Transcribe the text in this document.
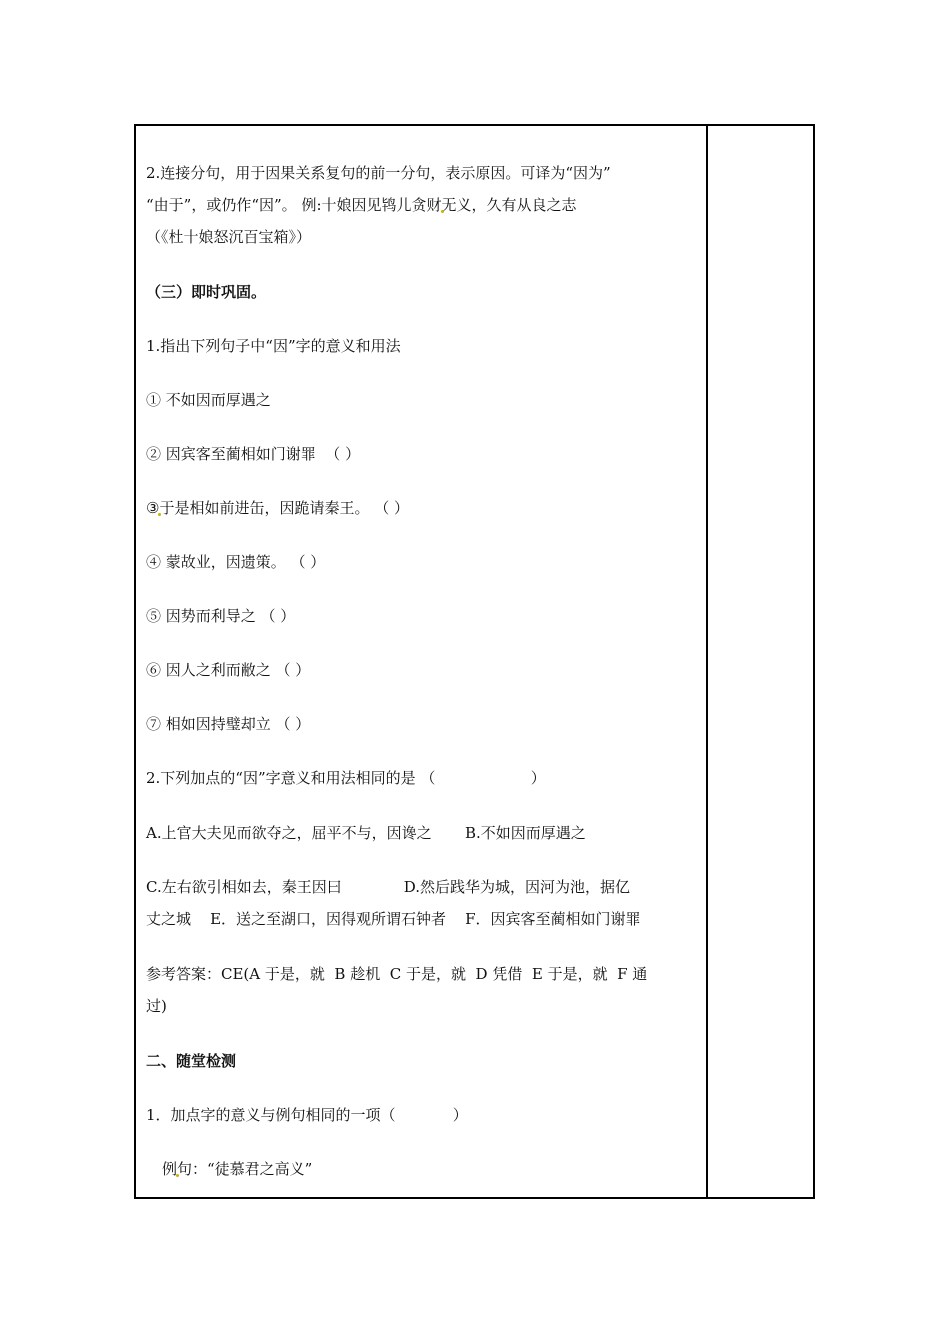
2.连接分句，用于因果关系复句的前一分句，表示原因。可译为“因为”
“由于”，或仍作“因”。 例:十娘因见鸨儿贪财无义，久有从良之志
（《杜十娘怒沉百宝箱》）
（三）即时巩固。
1.指出下列句子中“因”字的意义和用法
① 不如因而厚遇之
② 因宾客至蔺相如门谢罪  （ ）
③于是相如前进缶，因跪请秦王。 （ ）
④ 蒙故业，因遗策。 （ ）
⑤ 因势而利导之 （ ）
⑥ 因人之利而敝之 （ ）
⑦ 相如因持璧却立 （ ）
2.下列加点的“因”字意义和用法相同的是 （                    ）
A.上官大夫见而欲夺之，屈平不与，因谗之       B.不如因而厚遇之
C.左右欲引相如去，秦王因曰             D.然后践华为城，因河为池，据亿
丈之城    E．送之至湖口，因得观所谓石钟者    F．因宾客至蔺相如门谢罪
参考答案：CE(A 于是，就  B 趁机  C 于是，就  D 凭借  E 于是，就  F 通
过)
二、随堂检测
1．加点字的意义与例句相同的一项（            ）
例句：“徒慕君之高义”
